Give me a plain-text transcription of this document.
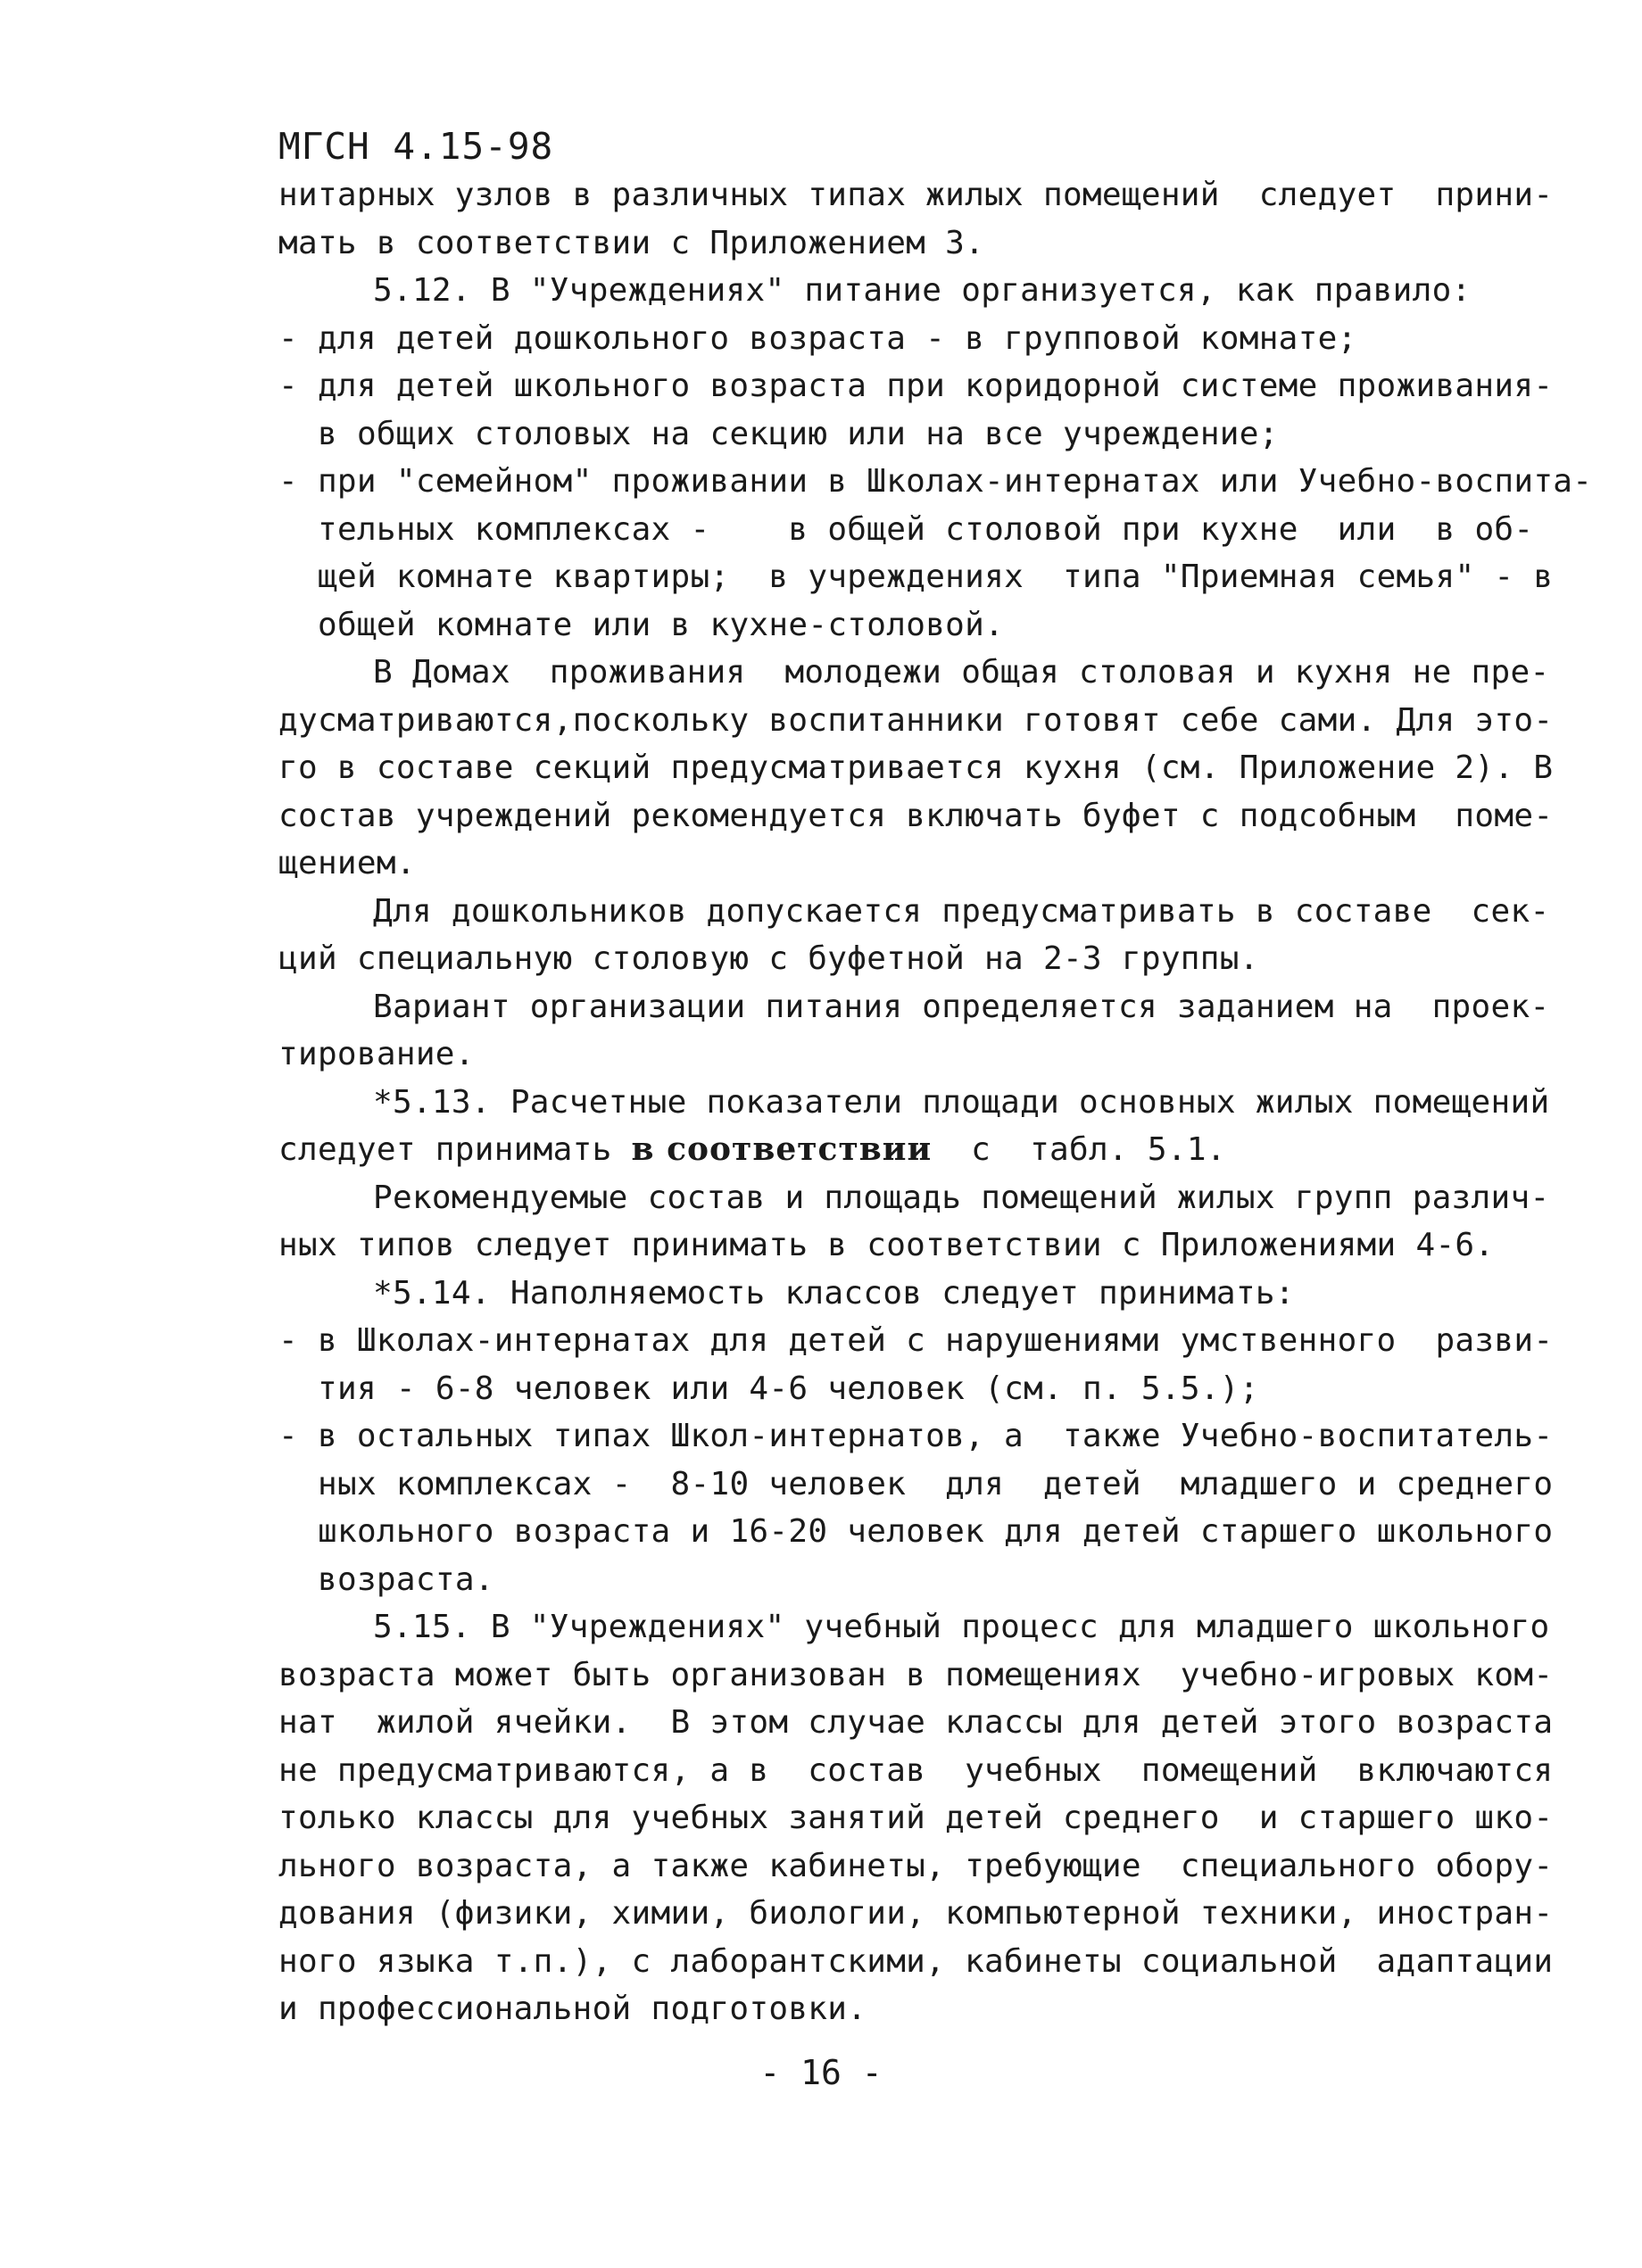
МГСН 4.15-98
нитарных узлов в различных типах жилых помещений  следует  прини-
мать в соответствии с Приложением 3.
5.12. В "Учреждениях" питание организуется, как правило:
- для детей дошкольного возраста - в групповой комнате;
- для детей школьного возраста при коридорной системе проживания-
в общих столовых на секцию или на все учреждение;
- при "семейном" проживании в Школах-интернатах или Учебно-воспита-
тельных комплексах -    в общей столовой при кухне  или  в об-
щей комнате квартиры;  в учреждениях  типа "Приемная семья" - в
общей комнате или в кухне-столовой.
В Домах  проживания  молодежи общая столовая и кухня не пре-
дусматриваются,поскольку воспитанники готовят себе сами. Для это-
го в составе секций предусматривается кухня (см. Приложение 2). В
состав учреждений рекомендуется включать буфет с подсобным  поме-
щением.
Для дошкольников допускается предусматривать в составе  сек-
ций специальную столовую с буфетной на 2-3 группы.
Вариант организации питания определяется заданием на  проек-
тирование.
*5.13. Расчетные показатели площади основных жилых помещений
следует принимать в соответствии  с  табл. 5.1.
Рекомендуемые состав и площадь помещений жилых групп различ-
ных типов следует принимать в соответствии с Приложениями 4-6.
*5.14. Наполняемость классов следует принимать:
- в Школах-интернатах для детей с нарушениями умственного  разви-
тия - 6-8 человек или 4-6 человек (см. п. 5.5.);
- в остальных типах Школ-интернатов, а  также Учебно-воспитатель-
ных комплексах -  8-10 человек  для  детей  младшего и среднего
школьного возраста и 16-20 человек для детей старшего школьного
возраста.
5.15. В "Учреждениях" учебный процесс для младшего школьного
возраста может быть организован в помещениях  учебно-игровых ком-
нат  жилой ячейки.  В этом случае классы для детей этого возраста
не предусматриваются, а в  состав  учебных  помещений  включаются
только классы для учебных занятий детей среднего  и старшего шко-
льного возраста, а также кабинеты, требующие  специального обору-
дования (физики, химии, биологии, компьютерной техники, иностран-
ного языка т.п.), с лаборантскими, кабинеты социальной  адаптации
и профессиональной подготовки.
- 16 -
